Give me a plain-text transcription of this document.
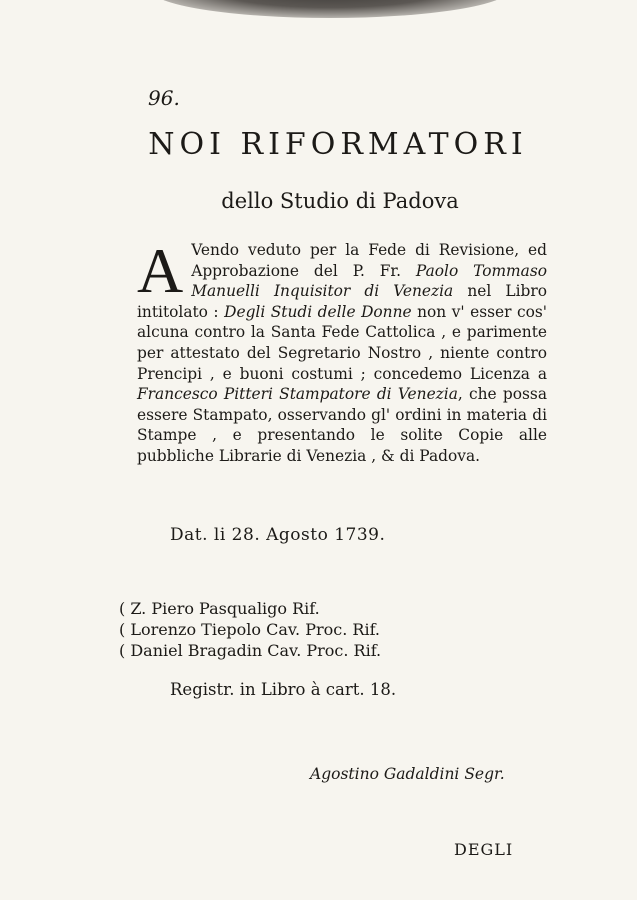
96.
NOI RIFORMATORI
dello Studio di Padova
A Vendo veduto per la Fede di Revisione, ed Approbazione del P. Fr. Paolo Tommaso Manuelli Inquisitor di Venezia nel Libro intitolato : Degli Studi delle Donne non v' esser cos' alcuna contro la Santa Fede Cattolica , e parimente per attestato del Segretario Nostro , niente contro Prencipi , e buoni costumi ; concedemo Licenza a Francesco Pitteri Stampatore di Venezia, che possa essere Stampato, osservando gl' ordini in materia di Stampe , e presentando le solite Copie alle pubbliche Librarie di Venezia , & di Padova.
Dat. li 28. Agosto 1739.
( Z. Piero Pasqualigo Rif.
( Lorenzo Tiepolo Cav. Proc. Rif.
( Daniel Bragadin Cav. Proc. Rif.
Registr. in Libro à cart. 18.
Agostino Gadaldini Segr.
DEGLI
